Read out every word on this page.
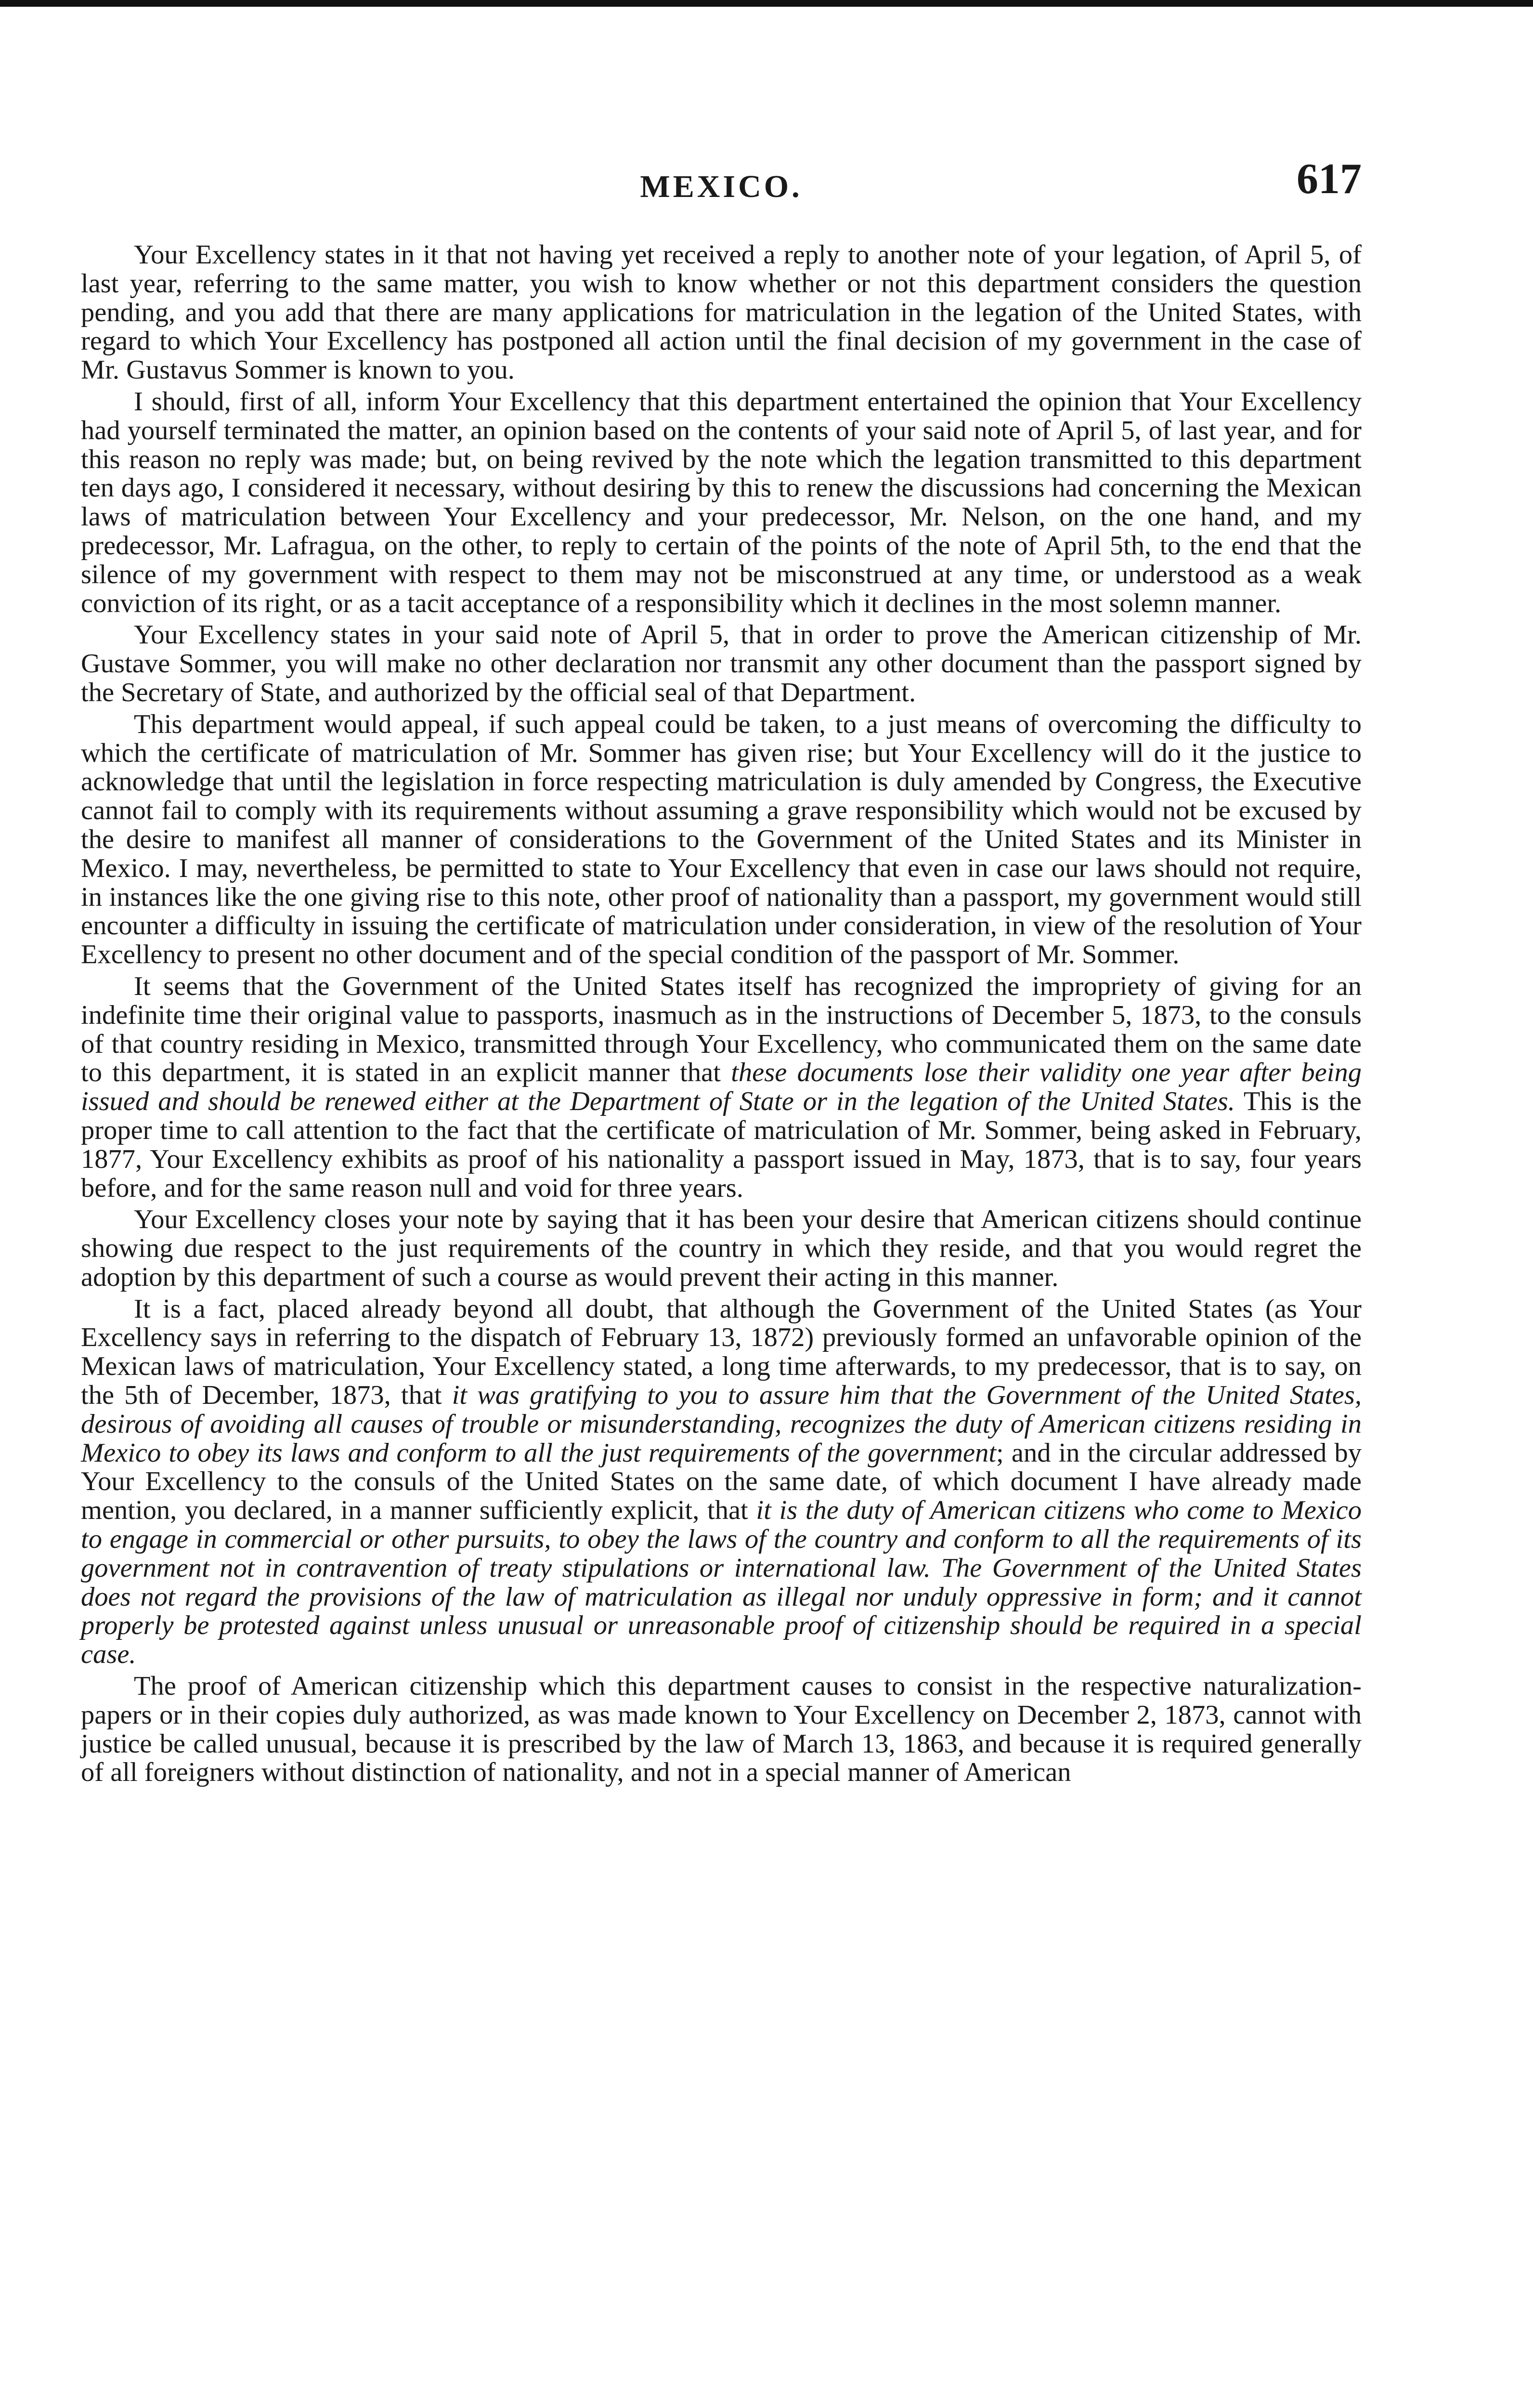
MEXICO.	617

Your Excellency states in it that not having yet received a reply to another note of your legation, of April 5, of last year, referring to the same matter, you wish to know whether or not this department considers the question pending, and you add that there are many applications for matriculation in the legation of the United States, with regard to which Your Excellency has postponed all action until the final decision of my government in the case of Mr. Gustavus Sommer is known to you.

I should, first of all, inform Your Excellency that this department entertained the opinion that Your Excellency had yourself terminated the matter, an opinion based on the contents of your said note of April 5, of last year, and for this reason no reply was made; but, on being revived by the note which the legation transmitted to this department ten days ago, I considered it necessary, without desiring by this to renew the discussions had concerning the Mexican laws of matriculation between Your Excellency and your predecessor, Mr. Nelson, on the one hand, and my predecessor, Mr. Lafragua, on the other, to reply to certain of the points of the note of April 5th, to the end that the silence of my government with respect to them may not be misconstrued at any time, or understood as a weak conviction of its right, or as a tacit acceptance of a responsibility which it declines in the most solemn manner.

Your Excellency states in your said note of April 5, that in order to prove the American citizenship of Mr. Gustave Sommer, you will make no other declaration nor transmit any other document than the passport signed by the Secretary of State, and authorized by the official seal of that Department.

This department would appeal, if such appeal could be taken, to a just means of overcoming the difficulty to which the certificate of matriculation of Mr. Sommer has given rise; but Your Excellency will do it the justice to acknowledge that until the legislation in force respecting matriculation is duly amended by Congress, the Executive cannot fail to comply with its requirements without assuming a grave responsibility which would not be excused by the desire to manifest all manner of considerations to the Government of the United States and its Minister in Mexico. I may, nevertheless, be permitted to state to Your Excellency that even in case our laws should not require, in instances like the one giving rise to this note, other proof of nationality than a passport, my government would still encounter a difficulty in issuing the certificate of matriculation under consideration, in view of the resolution of Your Excellency to present no other document and of the special condition of the passport of Mr. Sommer.

It seems that the Government of the United States itself has recognized the impropriety of giving for an indefinite time their original value to passports, inasmuch as in the instructions of December 5, 1873, to the consuls of that country residing in Mexico, transmitted through Your Excellency, who communicated them on the same date to this department, it is stated in an explicit manner that these documents lose their validity one year after being issued and should be renewed either at the Department of State or in the legation of the United States. This is the proper time to call attention to the fact that the certificate of matriculation of Mr. Sommer, being asked in February, 1877, Your Excellency exhibits as proof of his nationality a passport issued in May, 1873, that is to say, four years before, and for the same reason null and void for three years.

Your Excellency closes your note by saying that it has been your desire that American citizens should continue showing due respect to the just requirements of the country in which they reside, and that you would regret the adoption by this department of such a course as would prevent their acting in this manner.

It is a fact, placed already beyond all doubt, that although the Government of the United States (as Your Excellency says in referring to the dispatch of February 13, 1872) previously formed an unfavorable opinion of the Mexican laws of matriculation, Your Excellency stated, a long time afterwards, to my predecessor, that is to say, on the 5th of December, 1873, that it was gratifying to you to assure him that the Government of the United States, desirous of avoiding all causes of trouble or misunderstanding, recognizes the duty of American citizens residing in Mexico to obey its laws and conform to all the just requirements of the government; and in the circular addressed by Your Excellency to the consuls of the United States on the same date, of which document I have already made mention, you declared, in a manner sufficiently explicit, that it is the duty of American citizens who come to Mexico to engage in commercial or other pursuits, to obey the laws of the country and conform to all the requirements of its government not in contravention of treaty stipulations or international law. The Government of the United States does not regard the provisions of the law of matriculation as illegal nor unduly oppressive in form; and it cannot properly be protested against unless unusual or unreasonable proof of citizenship should be required in a special case.

The proof of American citizenship which this department causes to consist in the respective naturalization-papers or in their copies duly authorized, as was made known to Your Excellency on December 2, 1873, cannot with justice be called unusual, because it is prescribed by the law of March 13, 1863, and because it is required generally of all foreigners without distinction of nationality, and not in a special manner of American
